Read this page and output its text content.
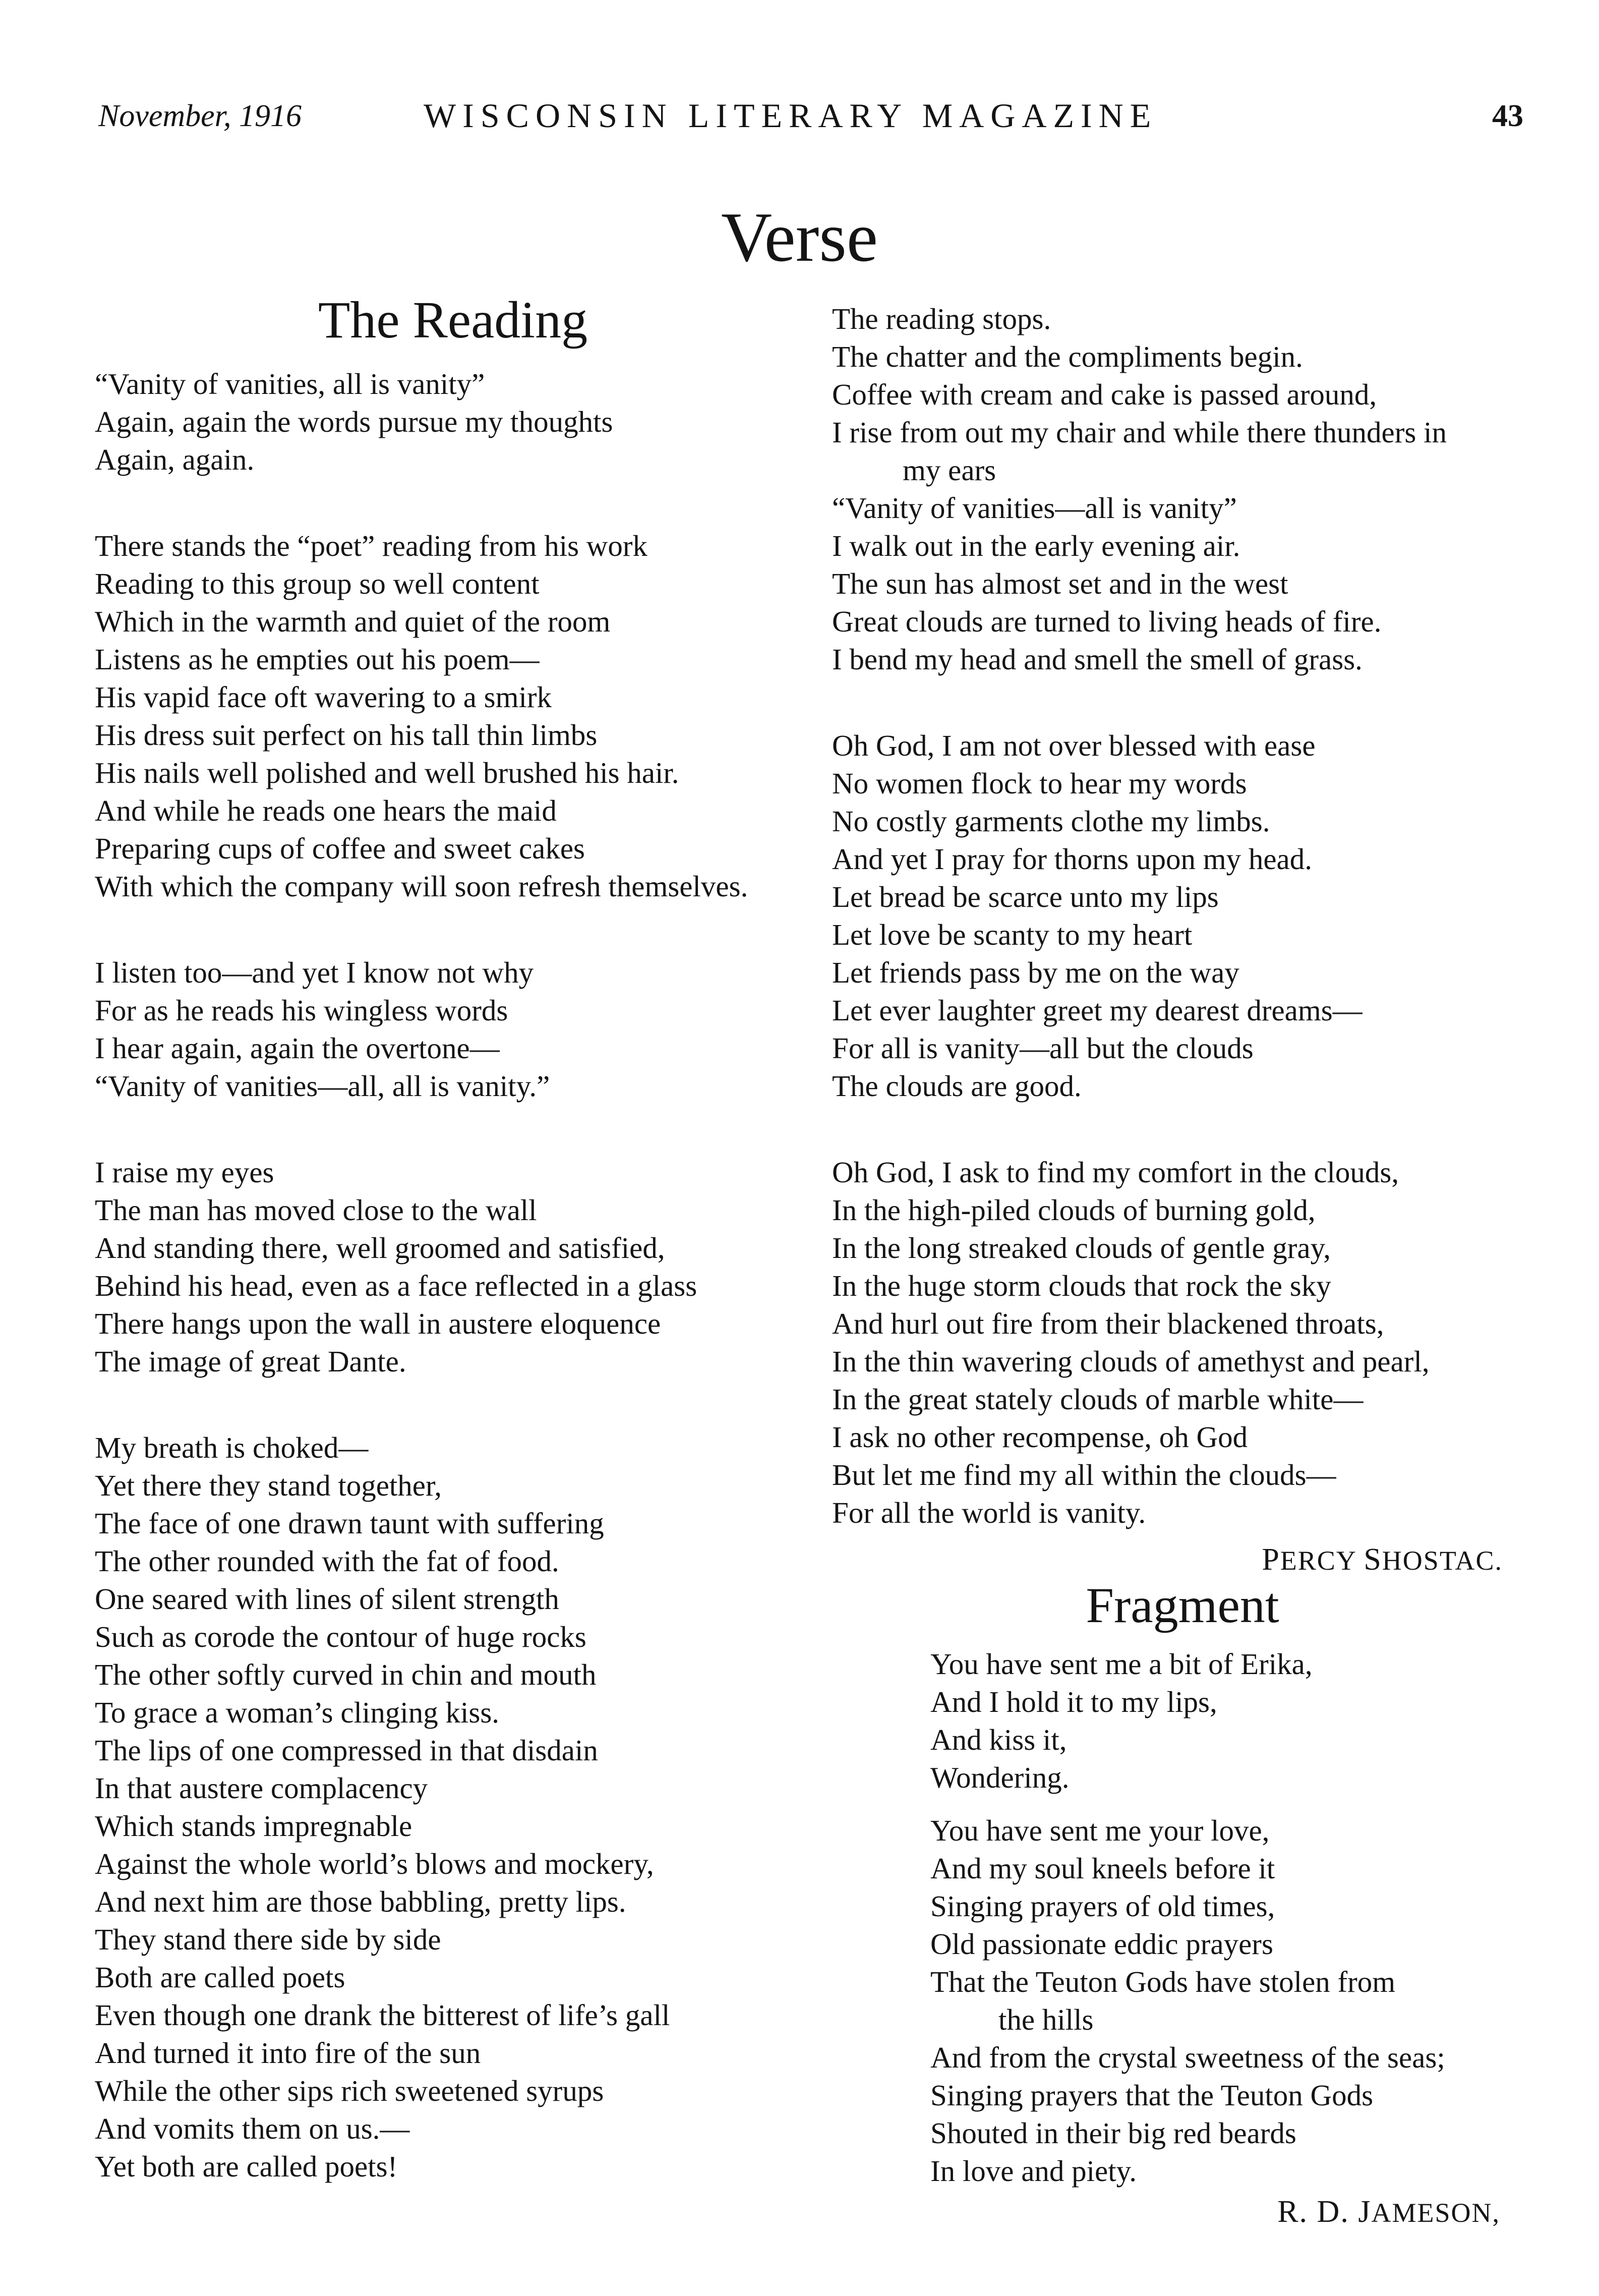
November, 1916	WISCONSIN LITERARY MAGAZINE	43
Verse
The Reading

“Vanity of vanities, all is vanity”

Again, again the words pursue my thoughts

Again, again.

There stands the “poet” reading from his work

Reading to this group so well content

Which in the warmth and quiet of the room

Listens as he empties out his poem—

His vapid face oft wavering to a smirk

His dress suit perfect on his tall thin limbs

His nails well polished and well brushed his hair.

And while he reads one hears the maid

Preparing cups of coffee and sweet cakes

With which the company will soon refresh themselves.

I listen too—and yet I know not why

For as he reads his wingless words

I hear again, again the overtone—

“Vanity of vanities—all, all is vanity.”

I raise my eyes

The man has moved close to the wall

And standing there, well groomed and satisfied,

Behind his head, even as a face reflected in a glass

There hangs upon the wall in austere eloquence

The image of great Dante.

My breath is choked—

Yet there they stand together,

The face of one drawn taunt with suffering

The other rounded with the fat of food.

One seared with lines of silent strength

Such as corode the contour of huge rocks

The other softly curved in chin and mouth

To grace a woman’s clinging kiss.

The lips of one compressed in that disdain

In that austere complacency

Which stands impregnable

Against the whole world’s blows and mockery,

And next him are those babbling, pretty lips.

They stand there side by side

Both are called poets

Even though one drank the bitterest of life’s gall

And turned it into fire of the sun

While the other sips rich sweetened syrups

And vomits them on us.—

Yet both are called poets!

The reading stops.

The chatter and the compliments begin.

Coffee with cream and cake is passed around,

I rise from out my chair and while there thunders in

my ears

“Vanity of vanities—all is vanity”

I walk out in the early evening air.

The sun has almost set and in the west

Great clouds are turned to living heads of fire.

I bend my head and smell the smell of grass.

Oh God, I am not over blessed with ease

No women flock to hear my words

No costly garments clothe my limbs.

And yet I pray for thorns upon my head.

Let bread be scarce unto my lips

Let love be scanty to my heart

Let friends pass by me on the way

Let ever laughter greet my dearest dreams—

For all is vanity—all but the clouds

The clouds are good.

Oh God, I ask to find my comfort in the clouds,

In the high-piled clouds of burning gold,

In the long streaked clouds of gentle gray,

In the huge storm clouds that rock the sky

And hurl out fire from their blackened throats,

In the thin wavering clouds of amethyst and pearl,

In the great stately clouds of marble white—

I ask no other recompense, oh God

But let me find my all within the clouds—

For all the world is vanity.

PERCY SHOSTAC.
Fragment

You have sent me a bit of Erika,

And I hold it to my lips,

And kiss it,

Wondering.

You have sent me your love,

And my soul kneels before it

Singing prayers of old times,

Old passionate eddic prayers

That the Teuton Gods have stolen from

the hills

And from the crystal sweetness of the seas;

Singing prayers that the Teuton Gods

Shouted in their big red beards

In love and piety.

R. D. JAMESON,
